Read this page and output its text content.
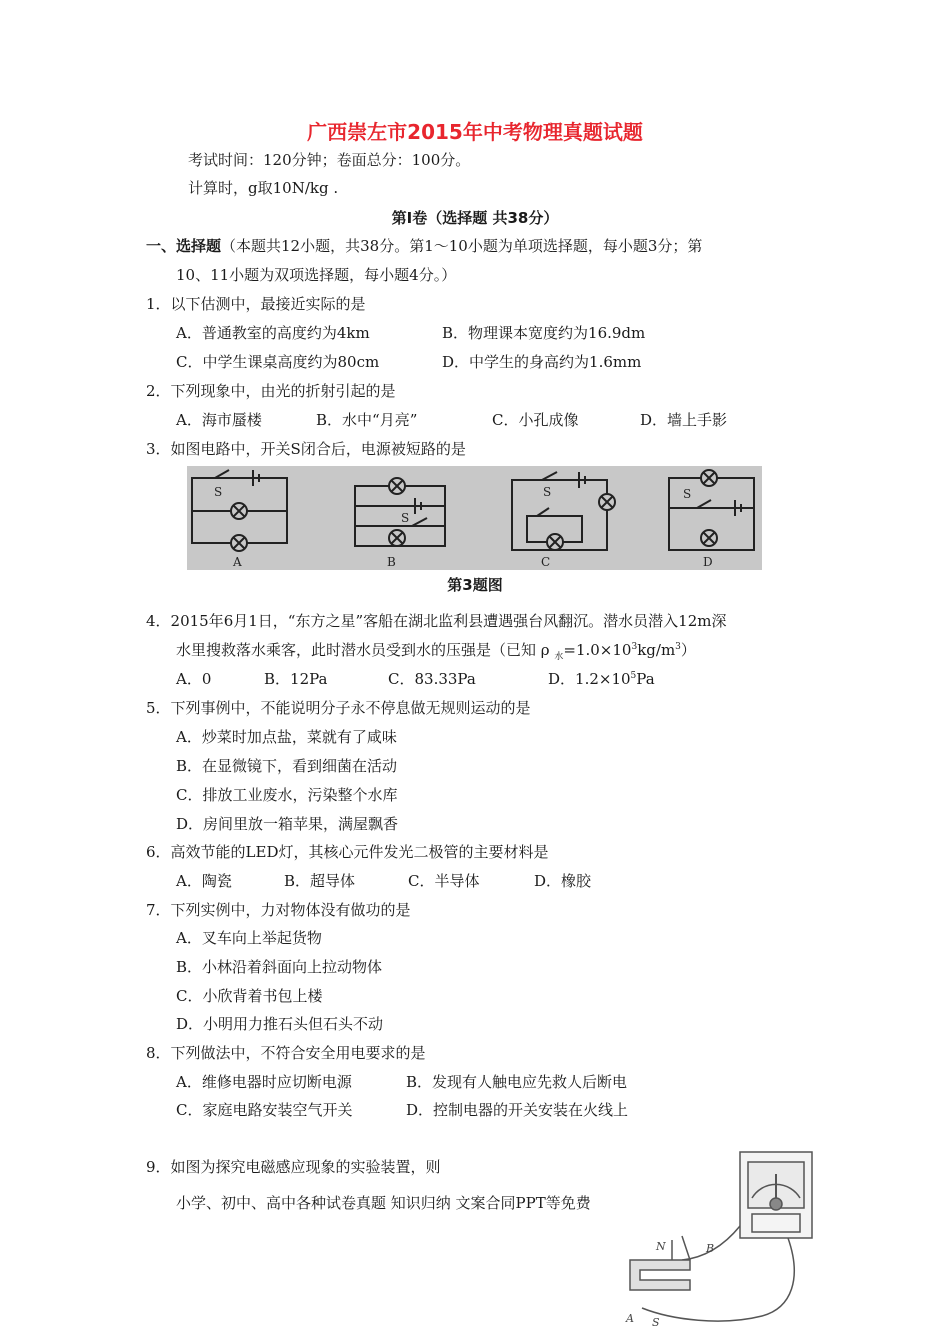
广西崇左市2015年中考物理真题试题
考试时间：120分钟；卷面总分：100分。
计算时，g取10N/kg .
第Ⅰ卷（选择题 共38分）
一、选择题（本题共12小题，共38分。第1～10小题为单项选择题，每小题3分；第
10、11小题为双项选择题，每小题4分。）
1．以下估测中，最接近实际的是
A．普通教室的高度约为4km	B．物理课本宽度约为16.9dm
C．中学生课桌高度约为80cm	D．中学生的身高约为1.6mm
2．下列现象中，由光的折射引起的是
A．海市蜃楼	B．水中“月亮”	C．小孔成像	D．墙上手影
3．如图电路中，开关S闭合后，电源被短路的是
S
S
S	S
A	B	C	D
第3题图
4．2015年6月1日，“东方之星”客船在湖北监利县遭遇强台风翻沉。潜水员潜入12m深
水里搜救落水乘客，此时潜水员受到水的压强是（已知 ρ $_水=1.0\times 10^3kg/m^3$）
A．0	B．12Pa	C．83.33Pa	D．$1.2\times 10^5Pa$
5．下列事例中，不能说明分子永不停息做无规则运动的是
A．炒菜时加点盐，菜就有了咸味
B．在显微镜下，看到细菌在活动
C．排放工业废水，污染整个水库
D．房间里放一箱苹果，满屋飘香
6．高效节能的LED灯，其核心元件发光二极管的主要材料是
A．陶瓷	B．超导体	C．半导体	D．橡胶
7．下列实例中，力对物体没有做功的是
A．叉车向上举起货物
B．小林沿着斜面向上拉动物体
C．小欣背着书包上楼
D．小明用力推石头但石头不动
8．下列做法中，不符合安全用电要求的是
A．维修电器时应切断电源	B．发现有人触电应先救人后断电
C．家庭电路安装空气开关	D．控制电器的开关安装在火线上
9．如图为探究电磁感应现象的实验装置，则
小学、初中、高中各种试卷真题 知识归纳 文案合同PPT等免费
N
S
A
B
